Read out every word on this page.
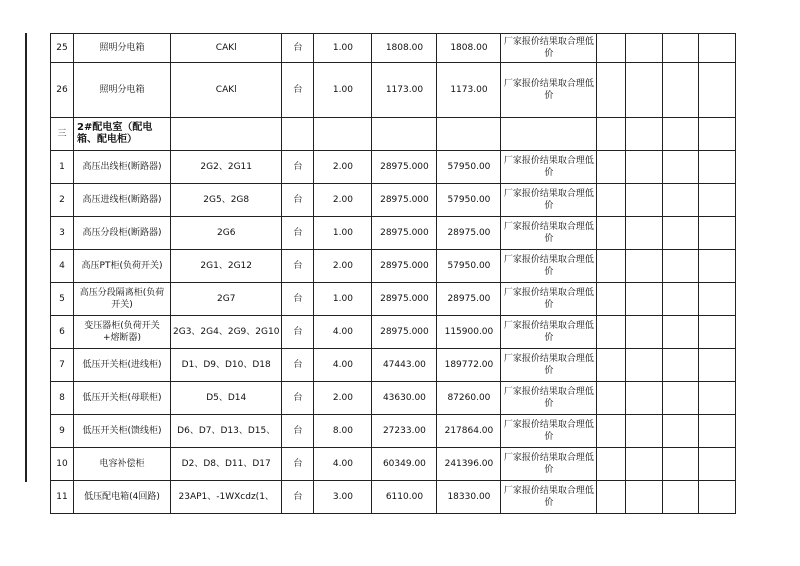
25	照明分电箱	CAKl	台	1.00	1808.00	1808.00	厂家报价结果取合理低价				
26	照明分电箱	CAKl	台	1.00	1173.00	1173.00	厂家报价结果取合理低价				
三	2#配电室（配电箱、配电柜）										
1	高压出线柜(断路器)	2G2、2G11	台	2.00	28975.000	57950.00	厂家报价结果取合理低价				
2	高压进线柜(断路器)	2G5、2G8	台	2.00	28975.000	57950.00	厂家报价结果取合理低价				
3	高压分段柜(断路器)	2G6	台	1.00	28975.000	28975.00	厂家报价结果取合理低价				
4	高压PT柜(负荷开关)	2G1、2G12	台	2.00	28975.000	57950.00	厂家报价结果取合理低价				
5	高压分段隔离柜(负荷开关)	2G7	台	1.00	28975.000	28975.00	厂家报价结果取合理低价				
6	变压器柜(负荷开关+熔断器)	2G3、2G4、2G9、2G10	台	4.00	28975.000	115900.00	厂家报价结果取合理低价				
7	低压开关柜(进线柜)	D1、D9、D10、D18	台	4.00	47443.00	189772.00	厂家报价结果取合理低价				
8	低压开关柜(母联柜)	D5、D14	台	2.00	43630.00	87260.00	厂家报价结果取合理低价				
9	低压开关柜(馈线柜)	D6、D7、D13、D15、	台	8.00	27233.00	217864.00	厂家报价结果取合理低价				
10	电容补偿柜	D2、D8、D11、D17	台	4.00	60349.00	241396.00	厂家报价结果取合理低价				
11	低压配电箱(4回路)	23AP1、-1WXcdz(1、	台	3.00	6110.00	18330.00	厂家报价结果取合理低价				
